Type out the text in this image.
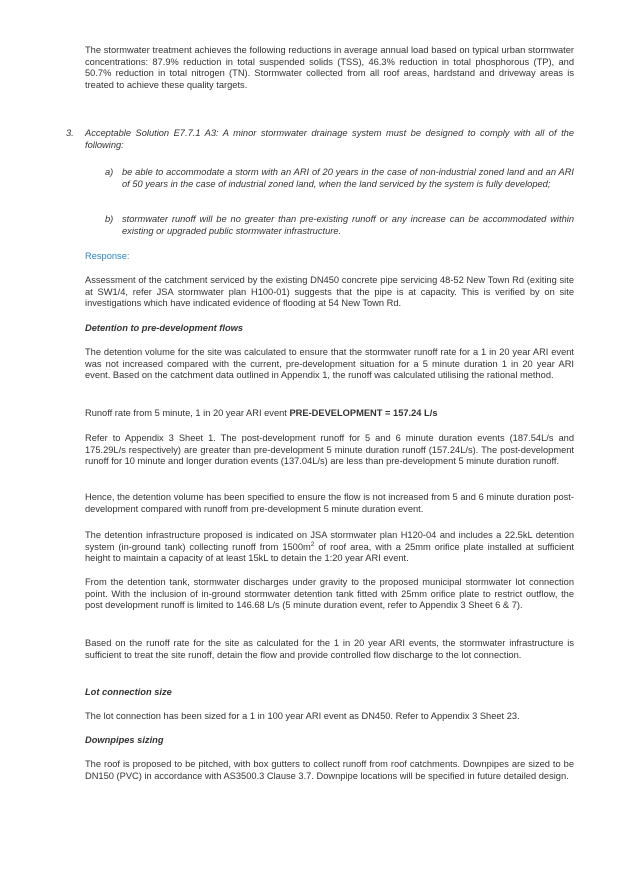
The stormwater treatment achieves the following reductions in average annual load based on typical urban stormwater concentrations: 87.9% reduction in total suspended solids (TSS), 46.3% reduction in total phosphorous (TP), and 50.7% reduction in total nitrogen (TN). Stormwater collected from all roof areas, hardstand and driveway areas is treated to achieve these quality targets.

3. Acceptable Solution E7.7.1 A3: A minor stormwater drainage system must be designed to comply with all of the following:

a) be able to accommodate a storm with an ARI of 20 years in the case of non-industrial zoned land and an ARI of 50 years in the case of industrial zoned land, when the land serviced by the system is fully developed;

b) stormwater runoff will be no greater than pre-existing runoff or any increase can be accommodated within existing or upgraded public stormwater infrastructure.

Response:

Assessment of the catchment serviced by the existing DN450 concrete pipe servicing 48-52 New Town Rd (exiting site at SW1/4, refer JSA stormwater plan H100-01) suggests that the pipe is at capacity. This is verified by on site investigations which have indicated evidence of flooding at 54 New Town Rd.

Detention to pre-development flows

The detention volume for the site was calculated to ensure that the stormwater runoff rate for a 1 in 20 year ARI event was not increased compared with the current, pre-development situation for a 5 minute duration 1 in 20 year ARI event. Based on the catchment data outlined in Appendix 1, the runoff was calculated utilising the rational method.

Runoff rate from 5 minute, 1 in 20 year ARI event PRE-DEVELOPMENT = 157.24 L/s

Refer to Appendix 3 Sheet 1. The post-development runoff for 5 and 6 minute duration events (187.54L/s and 175.29L/s respectively) are greater than pre-development 5 minute duration runoff (157.24L/s). The post-development runoff for 10 minute and longer duration events (137.04L/s) are less than pre-development 5 minute duration runoff.

Hence, the detention volume has been specified to ensure the flow is not increased from 5 and 6 minute duration post-development compared with runoff from pre-development 5 minute duration event.

The detention infrastructure proposed is indicated on JSA stormwater plan H120-04 and includes a 22.5kL detention system (in-ground tank) collecting runoff from $1500m^2$ of roof area, with a 25mm orifice plate installed at sufficient height to maintain a capacity of at least 15kL to detain the 1:20 year ARI event.

From the detention tank, stormwater discharges under gravity to the proposed municipal stormwater lot connection point. With the inclusion of in-ground stormwater detention tank fitted with 25mm orifice plate to restrict outflow, the post development runoff is limited to 146.68 L/s (5 minute duration event, refer to Appendix 3 Sheet 6 & 7).

Based on the runoff rate for the site as calculated for the 1 in 20 year ARI events, the stormwater infrastructure is sufficient to treat the site runoff, detain the flow and provide controlled flow discharge to the lot connection.

Lot connection size

The lot connection has been sized for a 1 in 100 year ARI event as DN450. Refer to Appendix 3 Sheet 23.

Downpipes sizing

The roof is proposed to be pitched, with box gutters to collect runoff from roof catchments. Downpipes are sized to be DN150 (PVC) in accordance with AS3500.3 Clause 3.7. Downpipe locations will be specified in future detailed design.
